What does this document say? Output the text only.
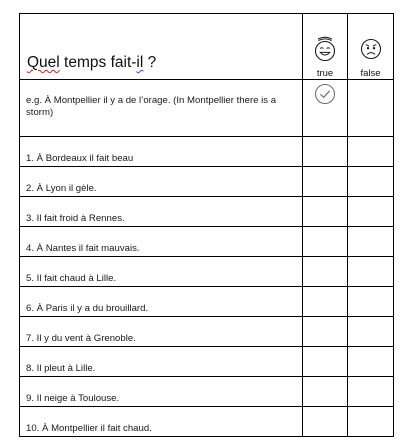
Quel temps fait-il ?	true	false

e.g. À Montpellier il y a de l’orage. (In Montpellier there is a storm)	

1. À Bordeaux il fait beau		
2. À Lyon il gèle.		
3. Il fait froid à Rennes.		
4. À Nantes il fait mauvais.		
5. Il fait chaud à Lille.		
6. À Paris il y a du brouillard.		
7. Il y du vent à Grenoble.		
8. Il pleut à Lille.		
9. Il neige à Toulouse.		
10. À Montpellier il fait chaud.		
